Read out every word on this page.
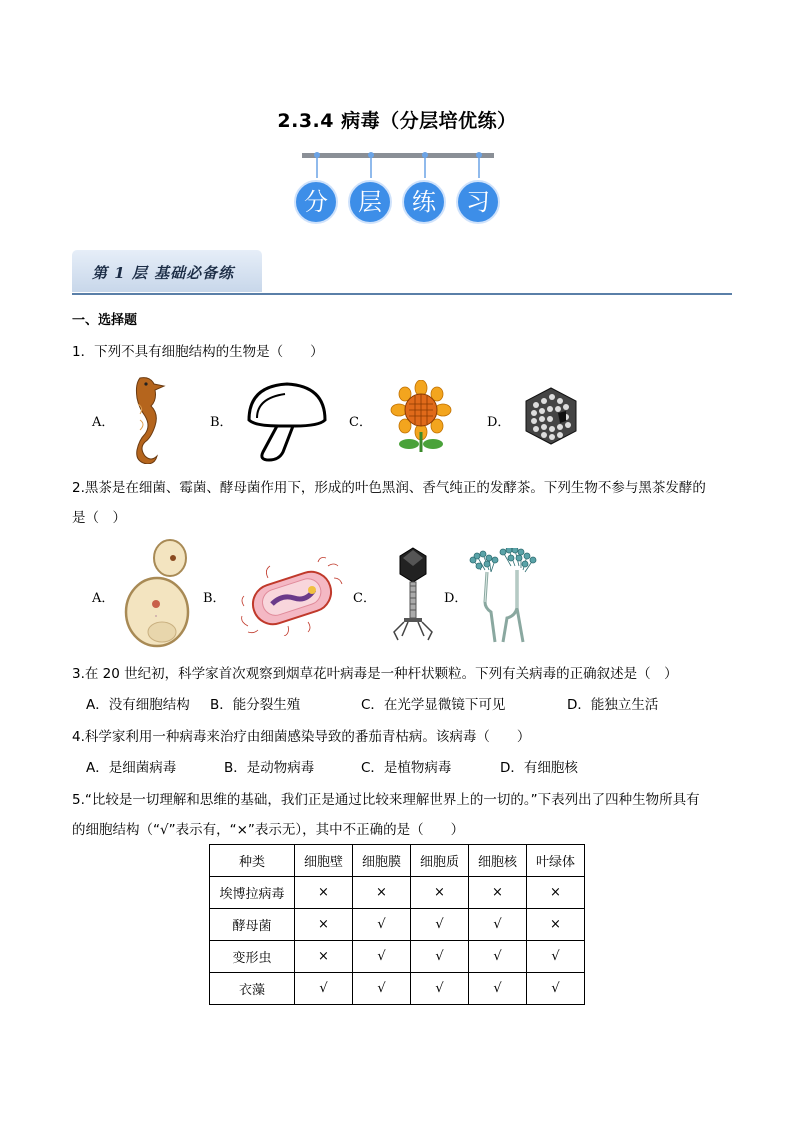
2.3.4 病毒（分层培优练）
分	层	练	习
第 1 层 基础必备练
一、选择题
1．下列不具有细胞结构的生物是（　　）
A．	B．	C．	D．
2.黑茶是在细菌、霉菌、酵母菌作用下，形成的叶色黑润、香气纯正的发酵茶。下列生物不参与黑茶发酵的
是（　）
A．	B．	C．	D．
3.在 20 世纪初，科学家首次观察到烟草花叶病毒是一种杆状颗粒。下列有关病毒的正确叙述是（　）
A．没有细胞结构 B．能分裂生殖	C．在光学显微镜下可见	D．能独立生活
4.科学家利用一种病毒来治疗由细菌感染导致的番茄青枯病。该病毒（　　）
A．是细菌病毒	B．是动物病毒	C．是植物病毒	D．有细胞核
5.“比较是一切理解和思维的基础，我们正是通过比较来理解世界上的一切的。”下表列出了四种生物所具有
的细胞结构（“√”表示有，“×”表示无），其中不正确的是（　　）
种类	细胞壁	细胞膜	细胞质	细胞核	叶绿体
埃博拉病毒	×	×	×	×	×
酵母菌	×	√	√	√	×
变形虫	×	√	√	√	√
衣藻	√	√	√	√	√
